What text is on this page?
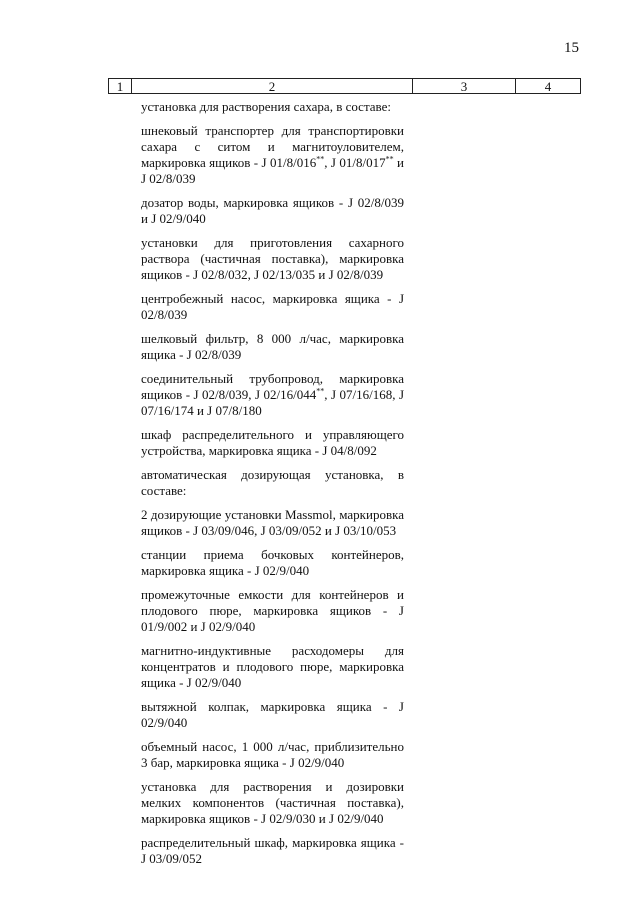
15
1	2	3	4
установка для растворения сахара, в составе:
шнековый транспортер для транспортировки сахара с ситом и магнитоуловителем, маркировка ящиков - J 01/8/016**, J 01/8/017** и J 02/8/039
дозатор воды, маркировка ящиков - J 02/8/039 и J 02/9/040
установки для приготовления сахарного раствора (частичная поставка), маркировка ящиков - J 02/8/032, J 02/13/035 и J 02/8/039
центробежный насос, маркировка ящика - J 02/8/039
шелковый фильтр, 8 000 л/час, маркировка ящика - J 02/8/039
соединительный трубопровод, маркировка ящиков - J 02/8/039, J 02/16/044**, J 07/16/168, J 07/16/174 и J 07/8/180
шкаф распределительного и управляющего устройства, маркировка ящика - J 04/8/092
автоматическая дозирующая установка, в составе:
2 дозирующие установки Massmol, маркировка ящиков - J 03/09/046, J 03/09/052 и J 03/10/053
станции приема бочковых контейнеров, маркировка ящика - J 02/9/040
промежуточные емкости для контейнеров и плодового пюре, маркировка ящиков - J 01/9/002 и J 02/9/040
магнитно-индуктивные расходомеры для концентратов и плодового пюре, маркировка ящика - J 02/9/040
вытяжной колпак, маркировка ящика - J 02/9/040
объемный насос, 1 000 л/час, приблизительно 3 бар, маркировка ящика - J 02/9/040
установка для растворения и дозировки мелких компонентов (частичная поставка), маркировка ящиков - J 02/9/030 и J 02/9/040
распределительный шкаф, маркировка ящика - J 03/09/052
